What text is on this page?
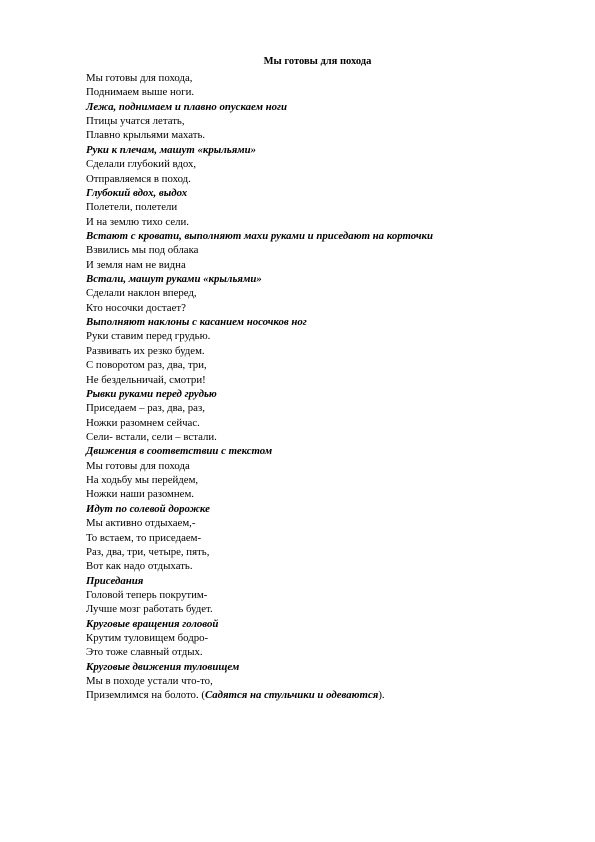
Мы готовы для похода
Мы готовы для похода,
Поднимаем выше ноги.
Лежа, поднимаем и плавно опускаем ноги
Птицы учатся летать,
Плавно крыльями махать.
Руки к плечам, машут «крыльями»
Сделали глубокий вдох,
Отправляемся в поход.
Глубокий вдох, выдох
Полетели, полетели
И на землю тихо сели.
Встают с кровати, выполняют махи руками и приседают на корточки
Взвились мы под облака
И земля нам не видна
Встали, машут руками «крыльями»
Сделали наклон вперед,
Кто носочки достает?
Выполняют наклоны с касанием носочков ног
Руки ставим перед грудью.
Развивать их резко будем.
С поворотом раз, два, три,
Не бездельничай, смотри!
Рывки руками перед грудью
Приседаем – раз, два, раз,
Ножки разомнем сейчас.
Сели- встали, сели – встали.
Движения в соответствии с текстом
Мы готовы для похода
На ходьбу мы перейдем,
Ножки наши разомнем.
Идут по солевой дорожке
Мы активно отдыхаем,-
То встаем, то приседаем-
Раз, два, три, четыре, пять,
Вот как надо отдыхать.
Приседания
Головой теперь покрутим-
Лучше мозг работать будет.
Круговые вращения головой
Крутим туловищем бодро-
Это тоже славный отдых.
Круговые движения туловищем
Мы в походе устали что-то,
Приземлимся на болото. (Садятся на стульчики и одеваются).
